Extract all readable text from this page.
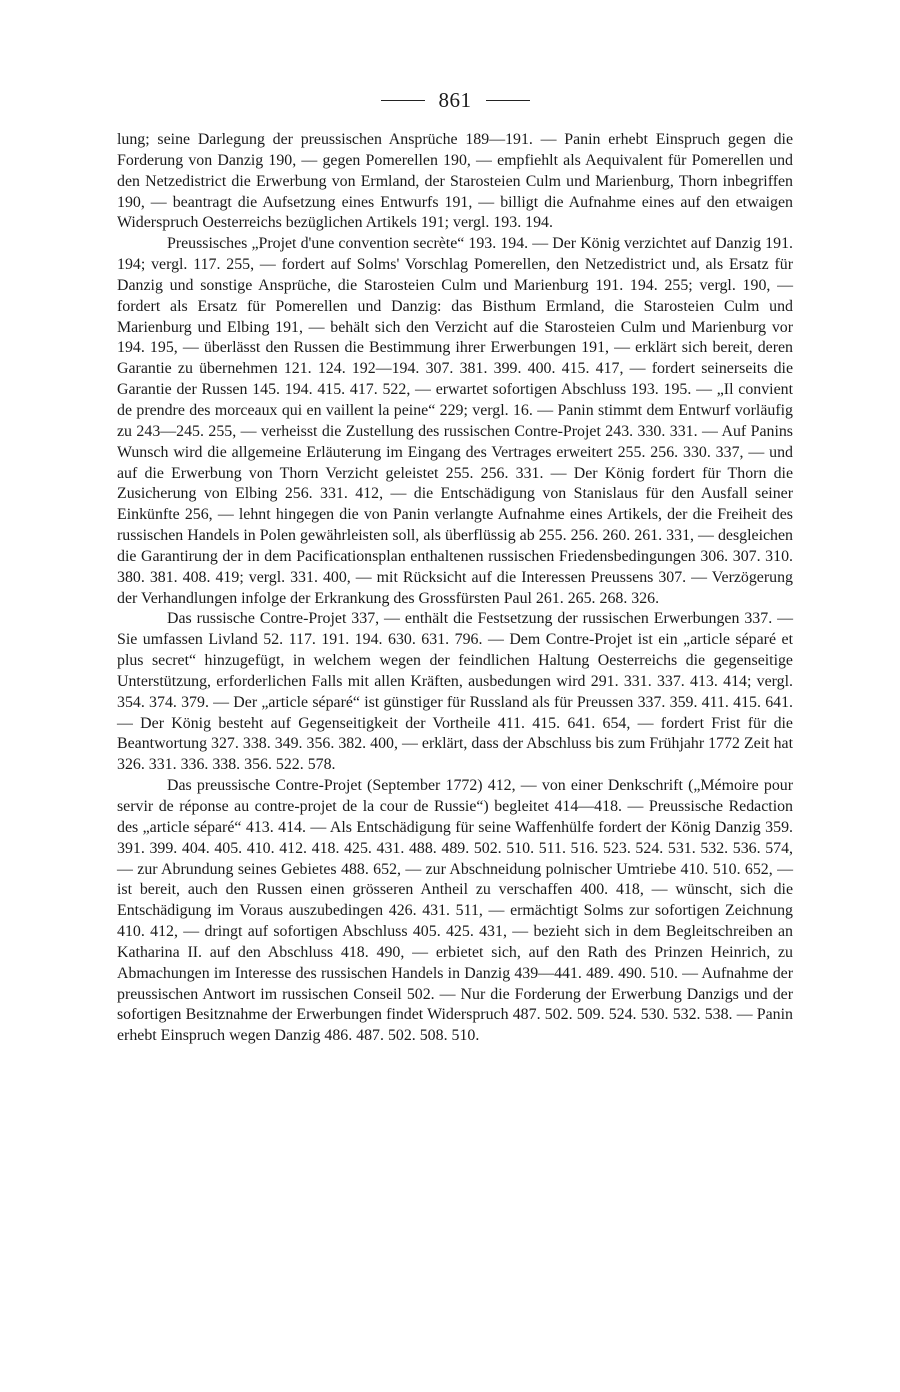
861

lung; seine Darlegung der preussischen Ansprüche 189—191. — Panin erhebt Einspruch gegen die Forderung von Danzig 190, — gegen Pomerellen 190, — empfiehlt als Aequivalent für Pomerellen und den Netzedistrict die Erwerbung von Ermland, der Starosteien Culm und Marienburg, Thorn inbegriffen 190, — beantragt die Aufsetzung eines Entwurfs 191, — billigt die Aufnahme eines auf den etwaigen Widerspruch Oesterreichs bezüglichen Artikels 191; vergl. 193. 194.

Preussisches „Projet d'une convention secrète“ 193. 194. — Der König verzichtet auf Danzig 191. 194; vergl. 117. 255, — fordert auf Solms' Vorschlag Pomerellen, den Netzedistrict und, als Ersatz für Danzig und sonstige Ansprüche, die Starosteien Culm und Marienburg 191. 194. 255; vergl. 190, — fordert als Ersatz für Pomerellen und Danzig: das Bisthum Ermland, die Starosteien Culm und Marienburg und Elbing 191, — behält sich den Verzicht auf die Starosteien Culm und Marienburg vor 194. 195, — überlässt den Russen die Bestimmung ihrer Erwerbungen 191, — erklärt sich bereit, deren Garantie zu übernehmen 121. 124. 192—194. 307. 381. 399. 400. 415. 417, — fordert seinerseits die Garantie der Russen 145. 194. 415. 417. 522, — erwartet sofortigen Abschluss 193. 195. — „Il convient de prendre des morceaux qui en vaillent la peine“ 229; vergl. 16. — Panin stimmt dem Entwurf vorläufig zu 243—245. 255, — verheisst die Zustellung des russischen Contre-Projet 243. 330. 331. — Auf Panins Wunsch wird die allgemeine Erläuterung im Eingang des Vertrages erweitert 255. 256. 330. 337, — und auf die Erwerbung von Thorn Verzicht geleistet 255. 256. 331. — Der König fordert für Thorn die Zusicherung von Elbing 256. 331. 412, — die Entschädigung von Stanislaus für den Ausfall seiner Einkünfte 256, — lehnt hingegen die von Panin verlangte Aufnahme eines Artikels, der die Freiheit des russischen Handels in Polen gewährleisten soll, als überflüssig ab 255. 256. 260. 261. 331, — desgleichen die Garantirung der in dem Pacificationsplan enthaltenen russischen Friedensbedingungen 306. 307. 310. 380. 381. 408. 419; vergl. 331. 400, — mit Rücksicht auf die Interessen Preussens 307. — Verzögerung der Verhandlungen infolge der Erkrankung des Grossfürsten Paul 261. 265. 268. 326.

Das russische Contre-Projet 337, — enthält die Festsetzung der russischen Erwerbungen 337. — Sie umfassen Livland 52. 117. 191. 194. 630. 631. 796. — Dem Contre-Projet ist ein „article séparé et plus secret“ hinzugefügt, in welchem wegen der feindlichen Haltung Oesterreichs die gegenseitige Unterstützung, erforderlichen Falls mit allen Kräften, ausbedungen wird 291. 331. 337. 413. 414; vergl. 354. 374. 379. — Der „article séparé“ ist günstiger für Russland als für Preussen 337. 359. 411. 415. 641. — Der König besteht auf Gegenseitigkeit der Vortheile 411. 415. 641. 654, — fordert Frist für die Beantwortung 327. 338. 349. 356. 382. 400, — erklärt, dass der Abschluss bis zum Frühjahr 1772 Zeit hat 326. 331. 336. 338. 356. 522. 578.

Das preussische Contre-Projet (September 1772) 412, — von einer Denkschrift („Mémoire pour servir de réponse au contre-projet de la cour de Russie“) begleitet 414—418. — Preussische Redaction des „article séparé“ 413. 414. — Als Entschädigung für seine Waffenhülfe fordert der König Danzig 359. 391. 399. 404. 405. 410. 412. 418. 425. 431. 488. 489. 502. 510. 511. 516. 523. 524. 531. 532. 536. 574, — zur Abrundung seines Gebietes 488. 652, — zur Abschneidung polnischer Umtriebe 410. 510. 652, — ist bereit, auch den Russen einen grösseren Antheil zu verschaffen 400. 418, — wünscht, sich die Entschädigung im Voraus auszubedingen 426. 431. 511, — ermächtigt Solms zur sofortigen Zeichnung 410. 412, — dringt auf sofortigen Abschluss 405. 425. 431, — bezieht sich in dem Begleitschreiben an Katharina II. auf den Abschluss 418. 490, — erbietet sich, auf den Rath des Prinzen Heinrich, zu Abmachungen im Interesse des russischen Handels in Danzig 439—441. 489. 490. 510. — Aufnahme der preussischen Antwort im russischen Conseil 502. — Nur die Forderung der Erwerbung Danzigs und der sofortigen Besitznahme der Erwerbungen findet Widerspruch 487. 502. 509. 524. 530. 532. 538. — Panin erhebt Einspruch wegen Danzig 486. 487. 502. 508. 510.
